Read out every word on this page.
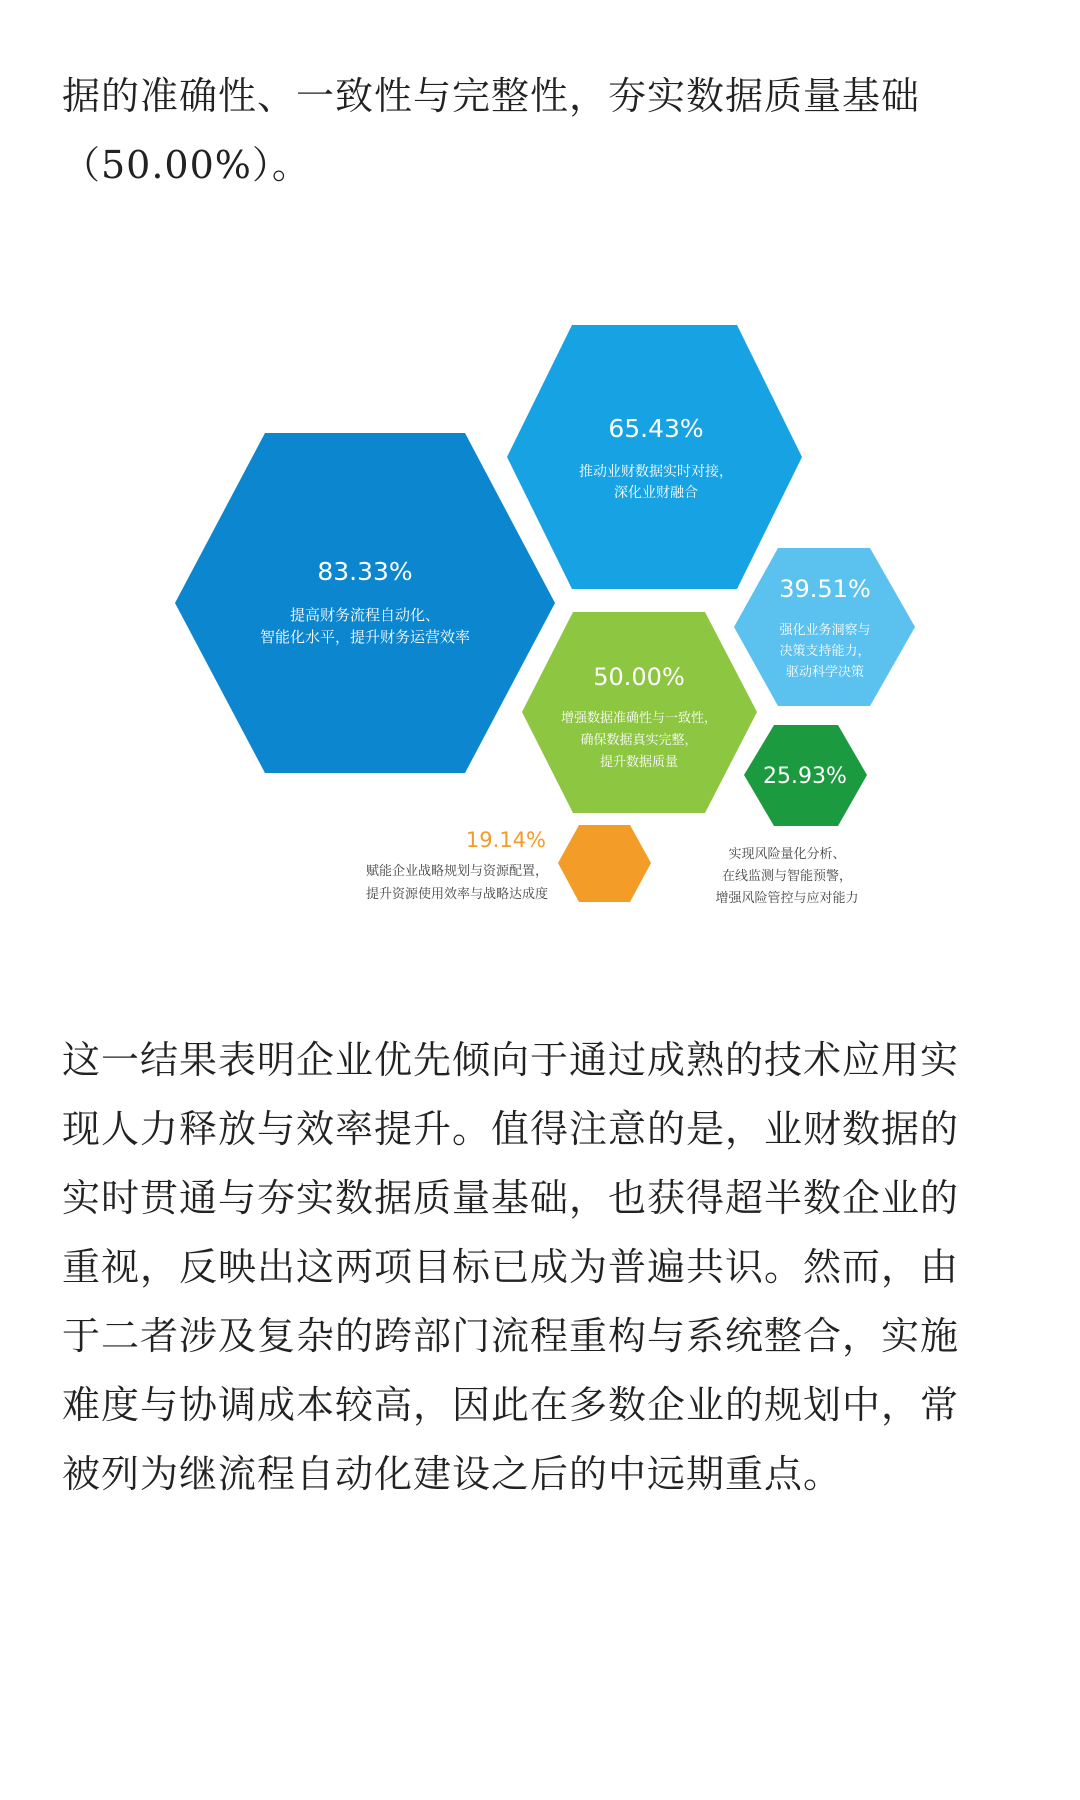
据的准确性、一致性与完整性，夯实数据质量基础
（50.00%）。

83.33%
提高财务流程自动化、
智能化水平，提升财务运营效率
65.43%
推动业财数据实时对接，
深化业财融合
39.51%
强化业务洞察与
决策支持能力，
驱动科学决策
50.00%
增强数据准确性与一致性，
确保数据真实完整，
提升数据质量
25.93%
实现风险量化分析、
在线监测与智能预警，
增强风险管控与应对能力
19.14%
赋能企业战略规划与资源配置，
提升资源使用效率与战略达成度

这一结果表明企业优先倾向于通过成熟的技术应用实
现人力释放与效率提升。值得注意的是，业财数据的
实时贯通与夯实数据质量基础，也获得超半数企业的
重视，反映出这两项目标已成为普遍共识。然而，由
于二者涉及复杂的跨部门流程重构与系统整合，实施
难度与协调成本较高，因此在多数企业的规划中，常
被列为继流程自动化建设之后的中远期重点。
